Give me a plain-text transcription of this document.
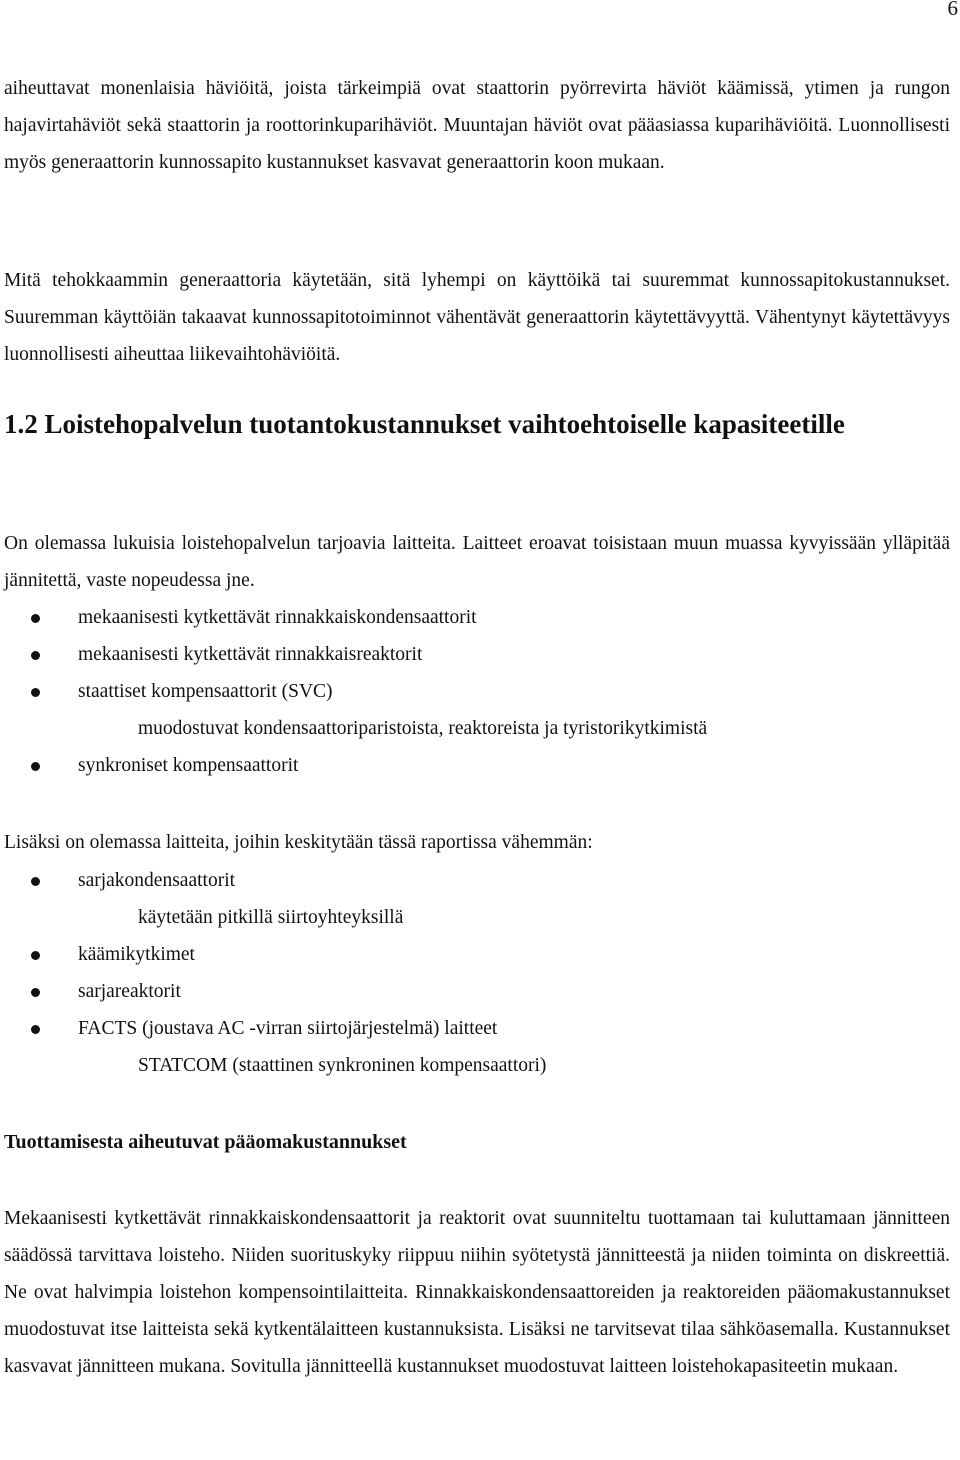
6

aiheuttavat monenlaisia häviöitä, joista tärkeimpiä ovat staattorin pyörrevirta häviöt käämissä, ytimen ja rungon hajavirtahäviöt sekä staattorin ja roottorinkuparihäviöt. Muuntajan häviöt ovat pääasiassa kuparihäviöitä. Luonnollisesti myös generaattorin kunnossapito kustannukset kasvavat generaattorin koon mukaan.

Mitä tehokkaammin generaattoria käytetään, sitä lyhempi on käyttöikä tai suuremmat kunnossapitokustannukset. Suuremman käyttöiän takaavat kunnossapitotoiminnot vähentävät generaattorin käytettävyyttä. Vähentynyt käytettävyys luonnollisesti aiheuttaa liikevaihtohäviöitä.

1.2 Loistehopalvelun tuotantokustannukset vaihtoehtoiselle kapasiteetille

On olemassa lukuisia loistehopalvelun tarjoavia laitteita. Laitteet eroavat toisistaan muun muassa kyvyissään ylläpitää jännitettä, vaste nopeudessa jne.

mekaanisesti kytkettävät rinnakkaiskondensaattorit
mekaanisesti kytkettävät rinnakkaisreaktorit
staattiset kompensaattorit (SVC)
muodostuvat kondensaattoriparistoista, reaktoreista ja tyristorikytkimistä
synkroniset kompensaattorit

Lisäksi on olemassa laitteita, joihin keskitytään tässä raportissa vähemmän:

sarjakondensaattorit
käytetään pitkillä siirtoyhteyksillä
käämikytkimet
sarjareaktorit
FACTS (joustava AC -virran siirtojärjestelmä) laitteet
STATCOM (staattinen synkroninen kompensaattori)
Tuottamisesta aiheutuvat pääomakustannukset

Mekaanisesti kytkettävät rinnakkaiskondensaattorit ja reaktorit ovat suunniteltu tuottamaan tai kuluttamaan jännitteen säädössä tarvittava loisteho. Niiden suorituskyky riippuu niihin syötetystä jännitteestä ja niiden toiminta on diskreettiä. Ne ovat halvimpia loistehon kompensointilaitteita. Rinnakkaiskondensaattoreiden ja reaktoreiden pääomakustannukset muodostuvat itse laitteista sekä kytkentälaitteen kustannuksista. Lisäksi ne tarvitsevat tilaa sähköasemalla. Kustannukset kasvavat jännitteen mukana. Sovitulla jännitteellä kustannukset muodostuvat laitteen loistehokapasiteetin mukaan.
